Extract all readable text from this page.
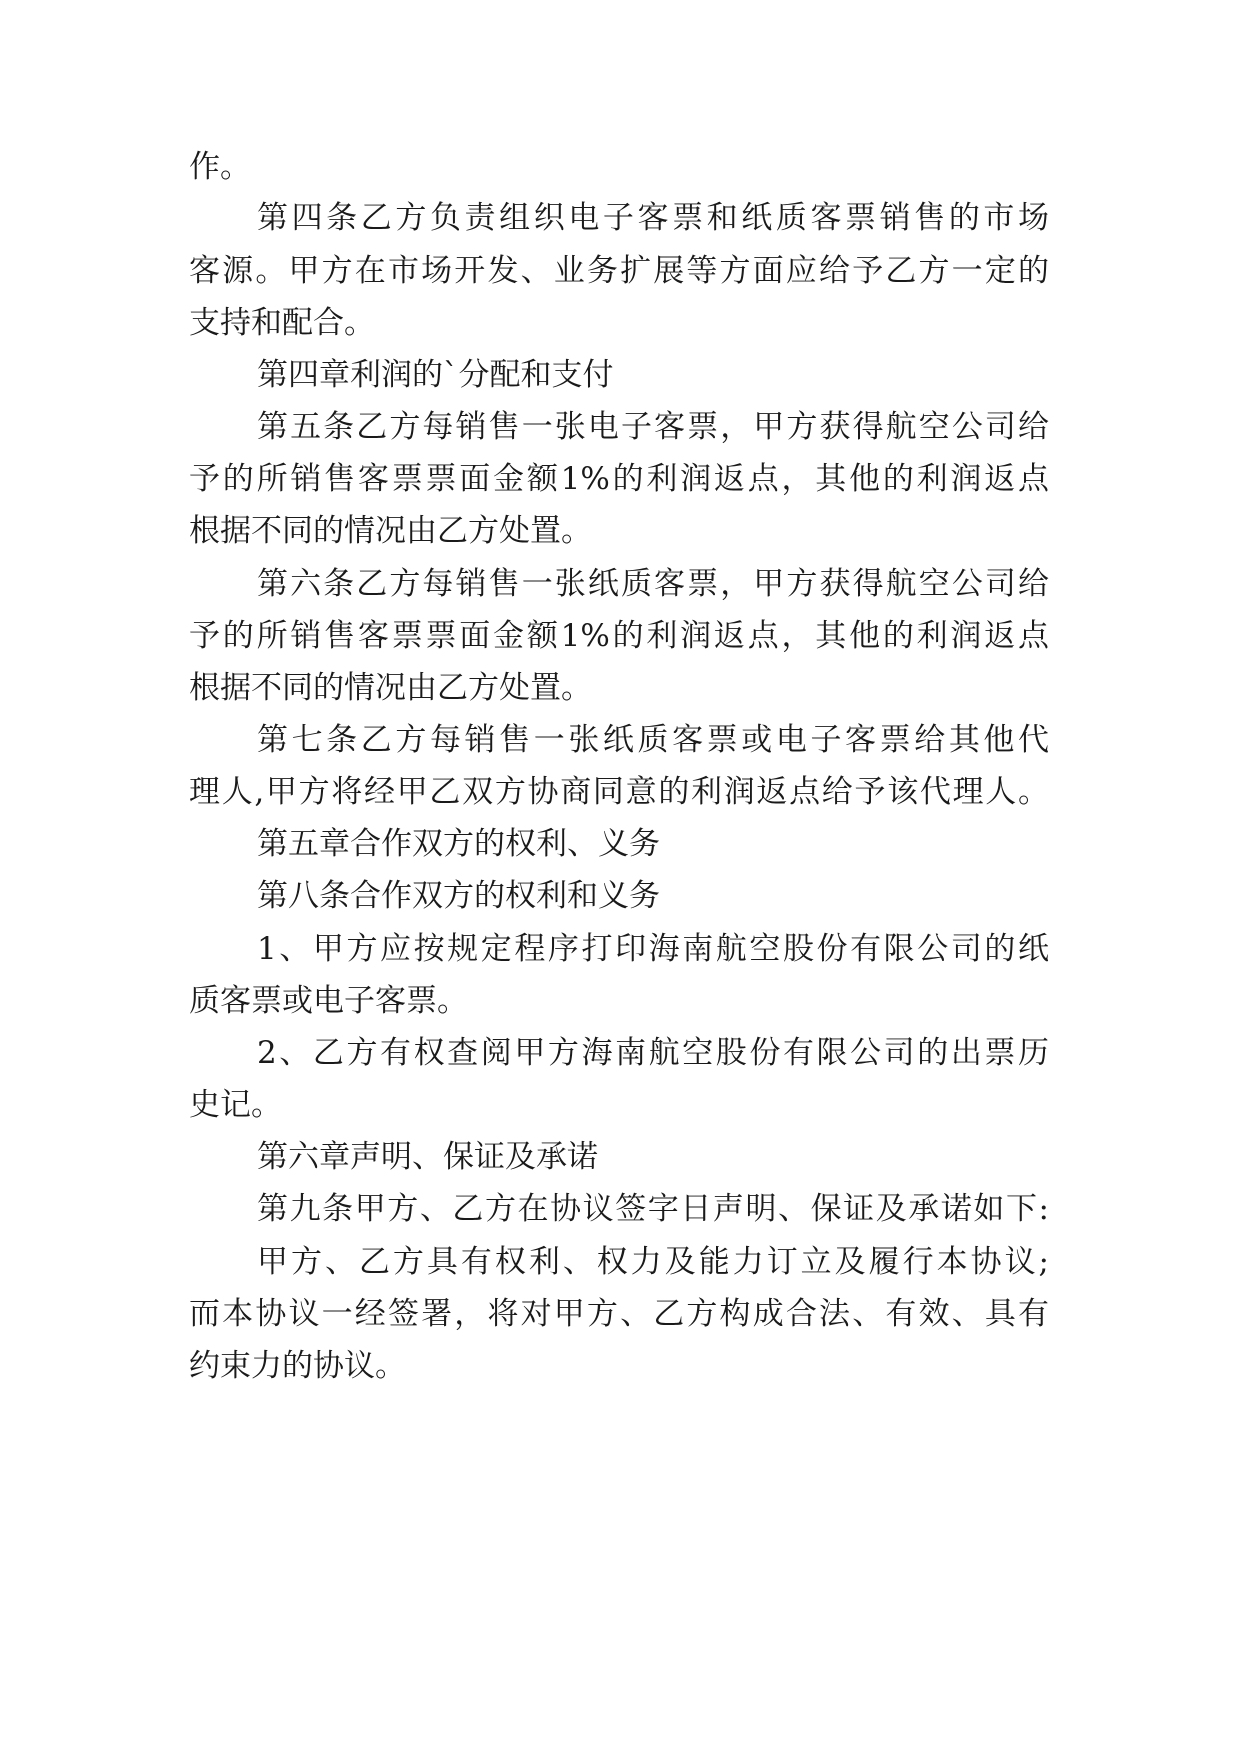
作。
第四条乙方负责组织电子客票和纸质客票销售的市场
客源。甲方在市场开发、业务扩展等方面应给予乙方一定的
支持和配合。
第四章利润的`分配和支付
第五条乙方每销售一张电子客票，甲方获得航空公司给
予的所销售客票票面金额1%的利润返点，其他的利润返点
根据不同的情况由乙方处置。
第六条乙方每销售一张纸质客票，甲方获得航空公司给
予的所销售客票票面金额1%的利润返点，其他的利润返点
根据不同的情况由乙方处置。
第七条乙方每销售一张纸质客票或电子客票给其他代
理人,甲方将经甲乙双方协商同意的利润返点给予该代理人。
第五章合作双方的权利、义务
第八条合作双方的权利和义务
1、甲方应按规定程序打印海南航空股份有限公司的纸
质客票或电子客票。
2、乙方有权查阅甲方海南航空股份有限公司的出票历
史记。
第六章声明、保证及承诺
第九条甲方、乙方在协议签字日声明、保证及承诺如下:
甲方、乙方具有权利、权力及能力订立及履行本协议;
而本协议一经签署，将对甲方、乙方构成合法、有效、具有
约束力的协议。
